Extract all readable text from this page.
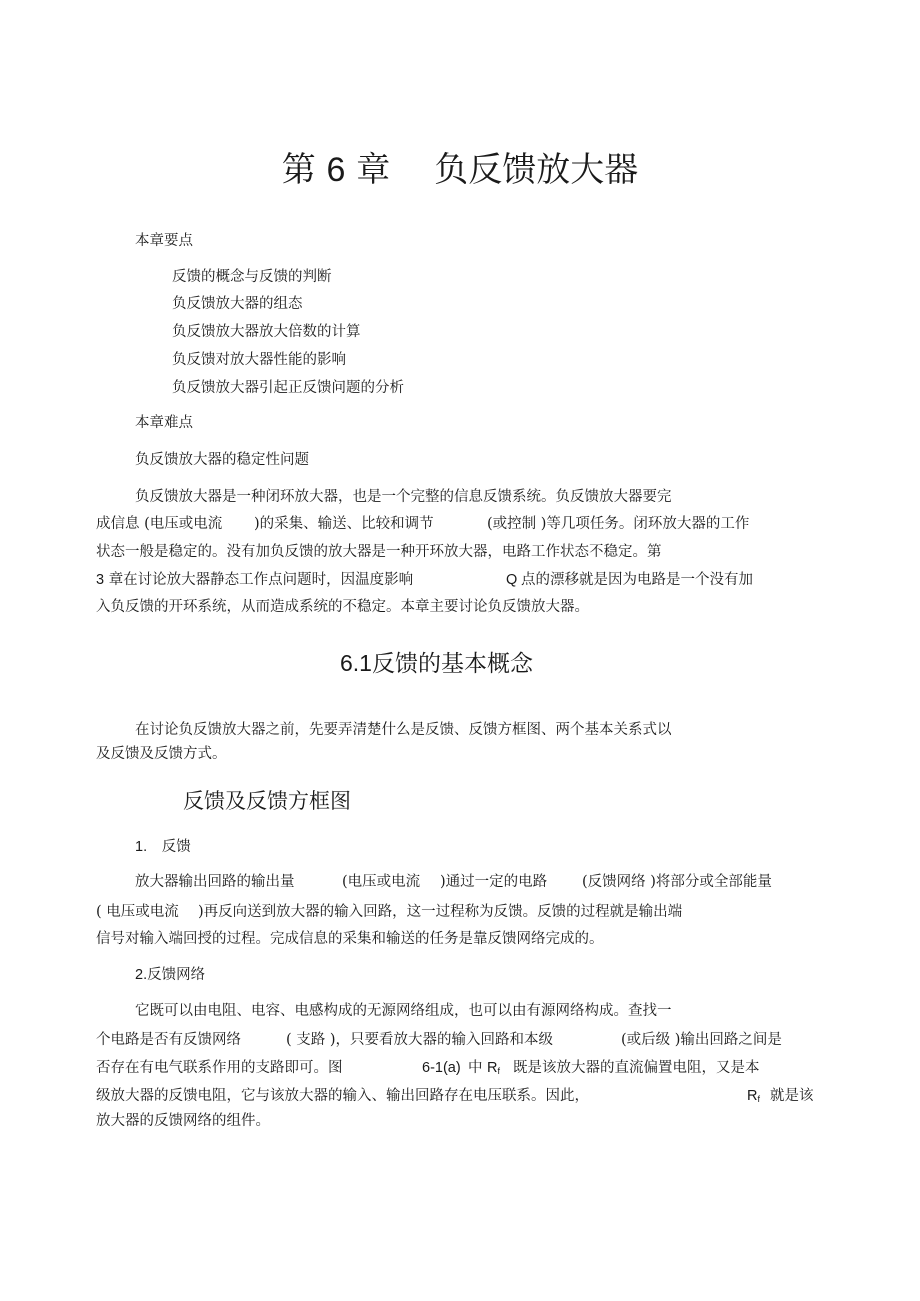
第 6 章 负反馈放大器
本章要点
反馈的概念与反馈的判断
负反馈放大器的组态
负反馈放大器放大倍数的计算
负反馈对放大器性能的影响
负反馈放大器引起正反馈问题的分析
本章难点
负反馈放大器的稳定性问题
负反馈放大器是一种闭环放大器，也是一个完整的信息反馈系统。负反馈放大器要完
成信息 (电压或电流 )的采集、输送、比较和调节	(或控制 )等几项任务。闭环放大器的工作
状态一般是稳定的。没有加负反馈的放大器是一种开环放大器，电路工作状态不稳定。第
3 章在讨论放大器静态工作点问题时，因温度影响	Q 点的漂移就是因为电路是一个没有加
入负反馈的开环系统，从而造成系统的不稳定。本章主要讨论负反馈放大器。
6.1反馈的基本概念
在讨论负反馈放大器之前，先要弄清楚什么是反馈、反馈方框图、两个基本关系式以
及反馈及反馈方式。
反馈及反馈方框图
1. 反馈
放大器输出回路的输出量	(电压或电流 )通过一定的电路 (反馈网络 )将部分或全部能量
( 电压或电流 )再反向送到放大器的输入回路，这一过程称为反馈。反馈的过程就是输出端
信号对输入端回授的过程。完成信息的采集和输送的任务是靠反馈网络完成的。
2.反馈网络
它既可以由电阻、电容、电感构成的无源网络组成，也可以由有源网络构成。查找一
个电路是否有反馈网络	( 支路 )，只要看放大器的输入回路和本级	(或后级 )输出回路之间是
否存在有电气联系作用的支路即可。图	6-1(a) 中 $R_f$ 既是该放大器的直流偏置电阻，又是本
级放大器的反馈电阻，它与该放大器的输入、输出回路存在电压联系。因此，	$R_f$ 就是该
放大器的反馈网络的组件。
